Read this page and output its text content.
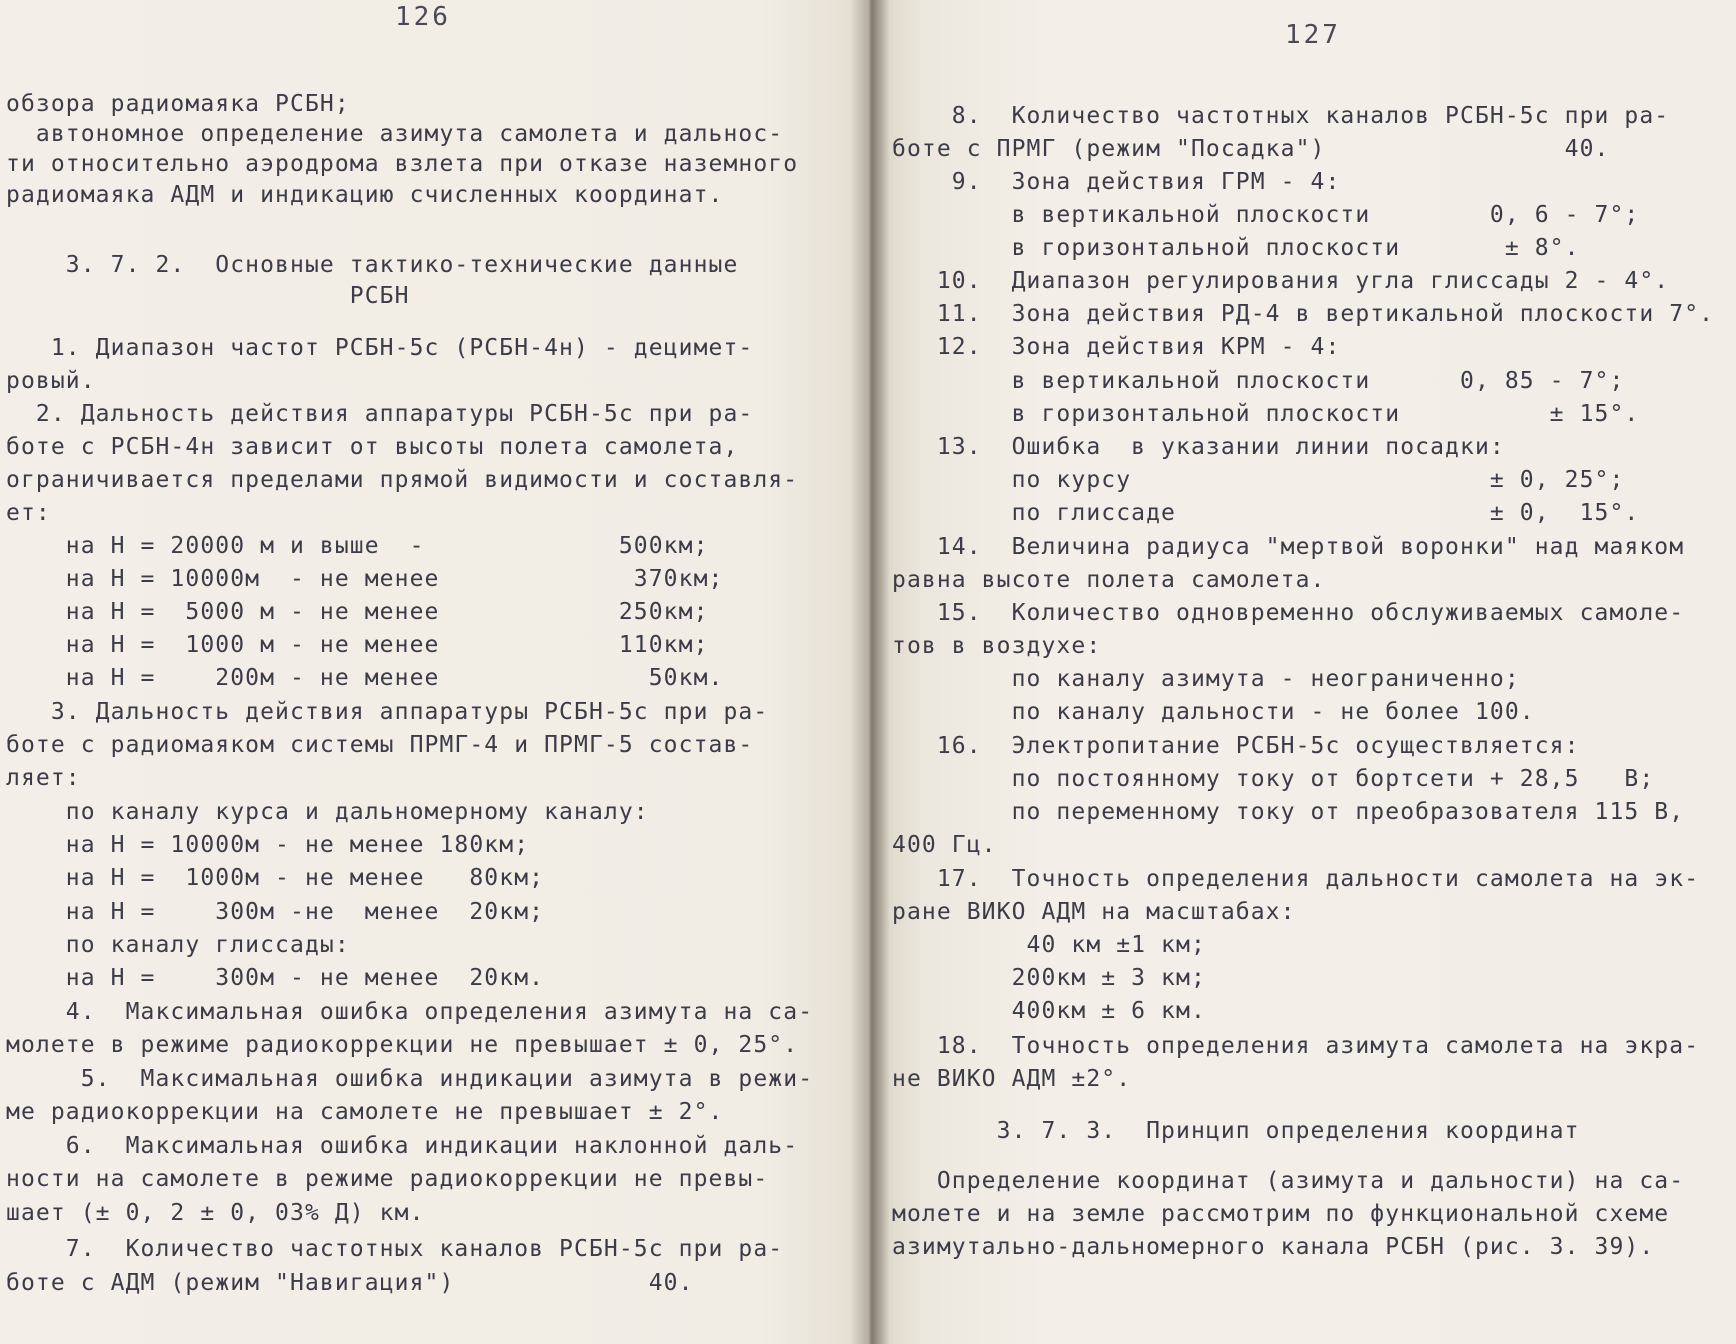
126
обзора радиомаяка РСБН;
автономное определение азимута самолета и дальнос-
ти относительно аэродрома взлета при отказе наземного
радиомаяка АДМ и индикацию счисленных координат.
3. 7. 2.  Основные тактико-технические данные
РСБН
1. Диапазон частот РСБН-5с (РСБН-4н) - децимет-
ровый.
2. Дальность действия аппаратуры РСБН-5с при ра-
боте с РСБН-4н зависит от высоты полета самолета,
ограничивается пределами прямой видимости и составля-
ет:
на Н = 20000 м и выше  -             500км;
на Н = 10000м  - не менее             370км;
на Н =  5000 м - не менее            250км;
на Н =  1000 м - не менее            110км;
на Н =    200м - не менее              50км.
3. Дальность действия аппаратуры РСБН-5с при ра-
боте с радиомаяком системы ПРМГ-4 и ПРМГ-5 состав-
ляет:
по каналу курса и дальномерному каналу:
на Н = 10000м - не менее 180км;
на Н =  1000м - не менее   80км;
на Н =    300м -не  менее  20км;
по каналу глиссады:
на Н =    300м - не менее  20км.
4.  Максимальная ошибка определения азимута на са-
молете в режиме радиокоррекции не превышает ± 0, 25°.
5.  Максимальная ошибка индикации азимута в режи-
ме радиокоррекции на самолете не превышает ± 2°.
6.  Максимальная ошибка индикации наклонной даль-
ности на самолете в режиме радиокоррекции не превы-
шает (± 0, 2 ± 0, 03% Д) км.
7.  Количество частотных каналов РСБН-5с при ра-
боте с АДМ (режим "Навигация")             40.
127
8.  Количество частотных каналов РСБН-5с при ра-
боте с ПРМГ (режим "Посадка")                40.
9.  Зона действия ГРМ - 4:
в вертикальной плоскости        0, 6 - 7°;
в горизонтальной плоскости       ± 8°.
10.  Диапазон регулирования угла глиссады 2 - 4°.
11.  Зона действия РД-4 в вертикальной плоскости 7°.
12.  Зона действия КРМ - 4:
в вертикальной плоскости      0, 85 - 7°;
в горизонтальной плоскости          ± 15°.
13.  Ошибка  в указании линии посадки:
по курсу                        ± 0, 25°;
по глиссаде                     ± 0,  15°.
14.  Величина радиуса "мертвой воронки" над маяком
равна высоте полета самолета.
15.  Количество одновременно обслуживаемых самоле-
тов в воздухе:
по каналу азимута - неограниченно;
по каналу дальности - не более 100.
16.  Электропитание РСБН-5с осуществляется:
по постоянному току от бортсети + 28,5   В;
по переменному току от преобразователя 115 В,
400 Гц.
17.  Точность определения дальности самолета на эк-
ране ВИКО АДМ на масштабах:
40 км ±1 км;
200км ± 3 км;
400км ± 6 км.
18.  Точность определения азимута самолета на экра-
не ВИКО АДМ ±2°.
3. 7. 3.  Принцип определения координат
Определение координат (азимута и дальности) на са-
молете и на земле рассмотрим по функциональной схеме
азимутально-дальномерного канала РСБН (рис. 3. 39).
